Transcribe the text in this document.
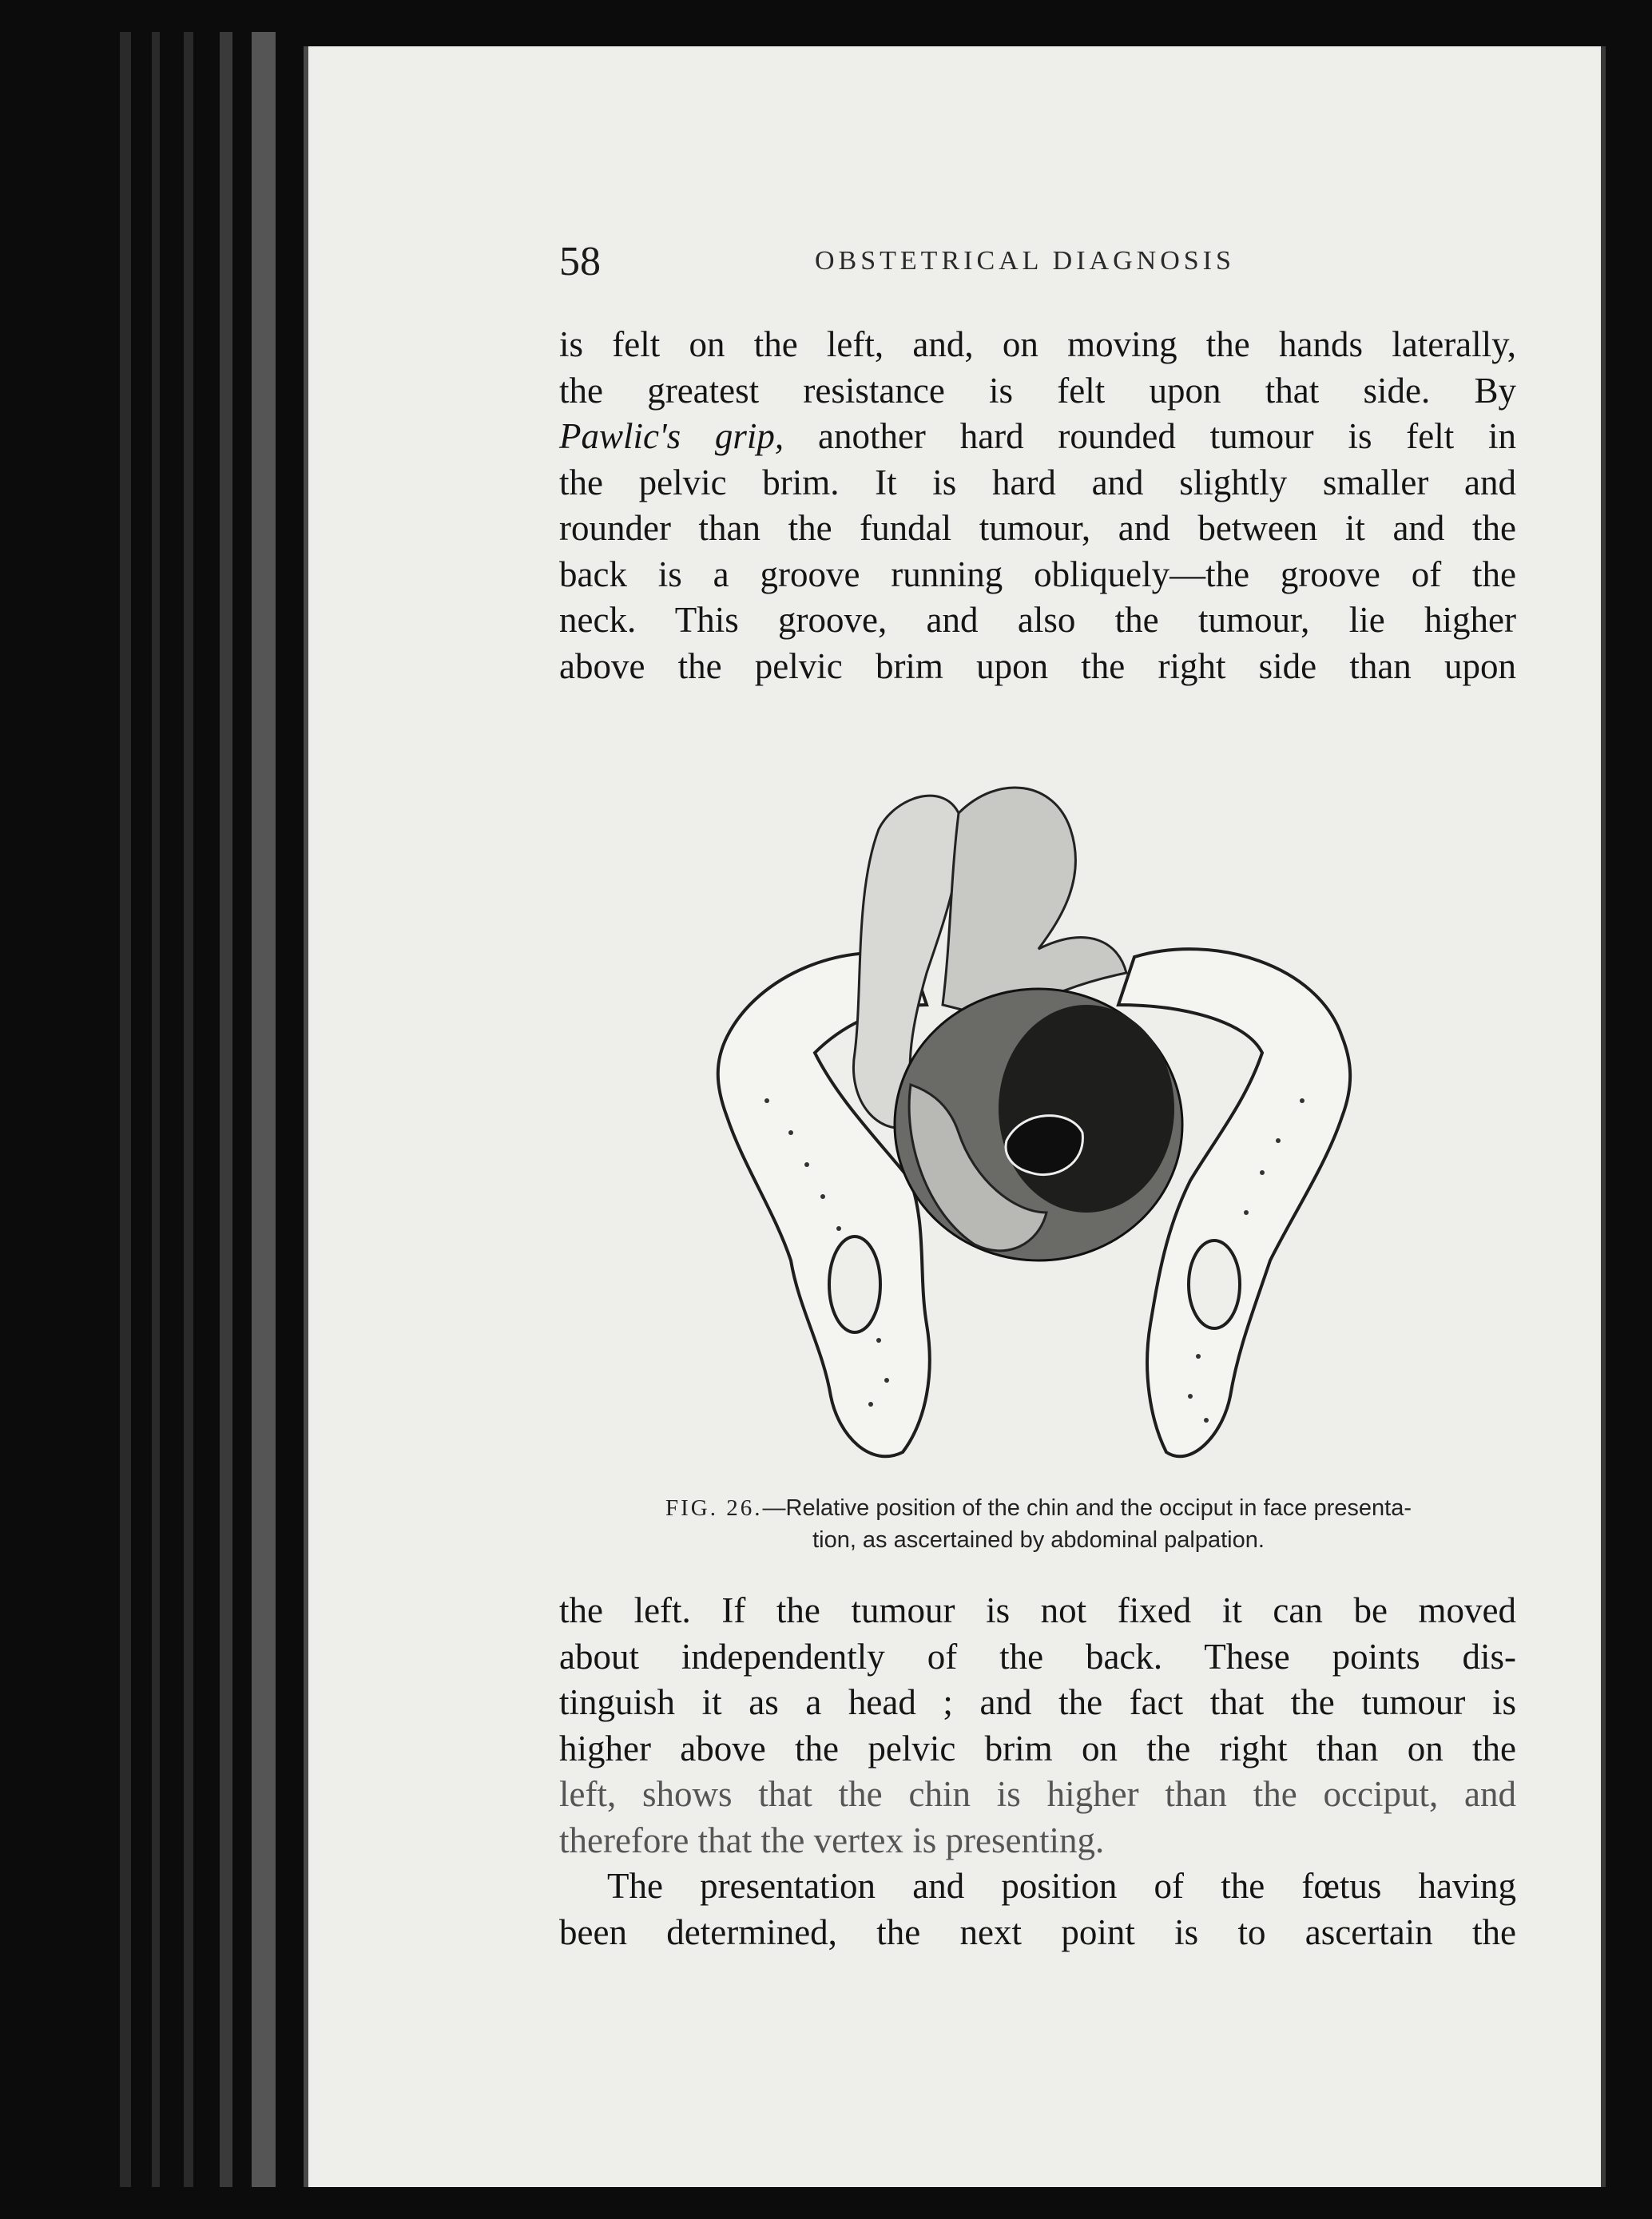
58	OBSTETRICAL DIAGNOSIS
is felt on the left, and, on moving the hands laterally,
the greatest resistance is felt upon that side. By
Pawlic's grip, another hard rounded tumour is felt in
the pelvic brim. It is hard and slightly smaller and
rounder than the fundal tumour, and between it and the
back is a groove running obliquely—the groove of the
neck. This groove, and also the tumour, lie higher
above the pelvic brim upon the right side than upon
FIG. 26.—Relative position of the chin and the occiput in face presenta-
tion, as ascertained by abdominal palpation.
the left. If the tumour is not fixed it can be moved
about independently of the back. These points dis-
tinguish it as a head ; and the fact that the tumour is
higher above the pelvic brim on the right than on the
left, shows that the chin is higher than the occiput, and
therefore that the vertex is presenting.
The presentation and position of the fœtus having
been determined, the next point is to ascertain the
